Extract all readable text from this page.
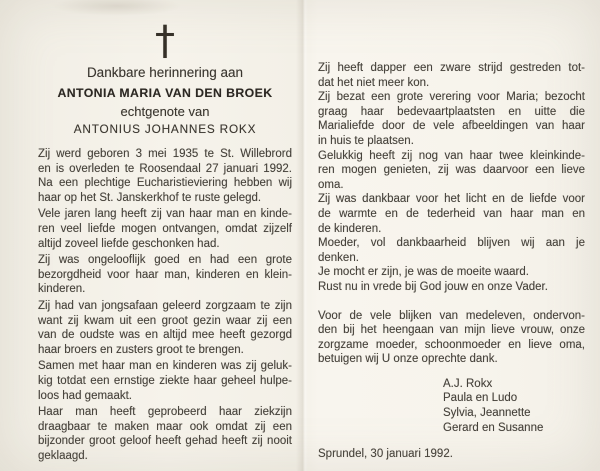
†
Dankbare herinnering aan
ANTONIA MARIA VAN DEN BROEK
echtgenote van
ANTONIUS JOHANNES ROKX
Zij werd geboren 3 mei 1935 te St. Willebrord
en is overleden te Roosendaal 27 januari 1992.
Na een plechtige Eucharistieviering hebben wij
haar op het St. Janskerkhof te ruste gelegd.
Vele jaren lang heeft zij van haar man en kinde-
ren veel liefde mogen ontvangen, omdat zijzelf
altijd zoveel liefde geschonken had.
Zij was ongelooflijk goed en had een grote
bezorgdheid voor haar man, kinderen en klein-
kinderen.
Zij had van jongsafaan geleerd zorgzaam te zijn
want zij kwam uit een groot gezin waar zij een
van de oudste was en altijd mee heeft gezorgd
haar broers en zusters groot te brengen.
Samen met haar man en kinderen was zij geluk-
kig totdat een ernstige ziekte haar geheel hulpe-
loos had gemaakt.
Haar man heeft geprobeerd haar ziekzijn
draagbaar te maken maar ook omdat zij een
bijzonder groot geloof heeft gehad heeft zij nooit
geklaagd.
Zij heeft dapper een zware strijd gestreden tot-
dat het niet meer kon.
Zij bezat een grote verering voor Maria; bezocht
graag haar bedevaartplaatsten en uitte die
Marialiefde door de vele afbeeldingen van haar
in huis te plaatsen.
Gelukkig heeft zij nog van haar twee kleinkinde-
ren mogen genieten, zij was daarvoor een lieve
oma.
Zij was dankbaar voor het licht en de liefde voor
de warmte en de tederheid van haar man en
de kinderen.
Moeder, vol dankbaarheid blijven wij aan je
denken.
Je mocht er zijn, je was de moeite waard.
Rust nu in vrede bij God jouw en onze Vader.
Voor de vele blijken van medeleven, ondervon-
den bij het heengaan van mijn lieve vrouw, onze
zorgzame moeder, schoonmoeder en lieve oma,
betuigen wij U onze oprechte dank.
A.J. Rokx
Paula en Ludo
Sylvia, Jeannette
Gerard en Susanne
Sprundel, 30 januari 1992.
